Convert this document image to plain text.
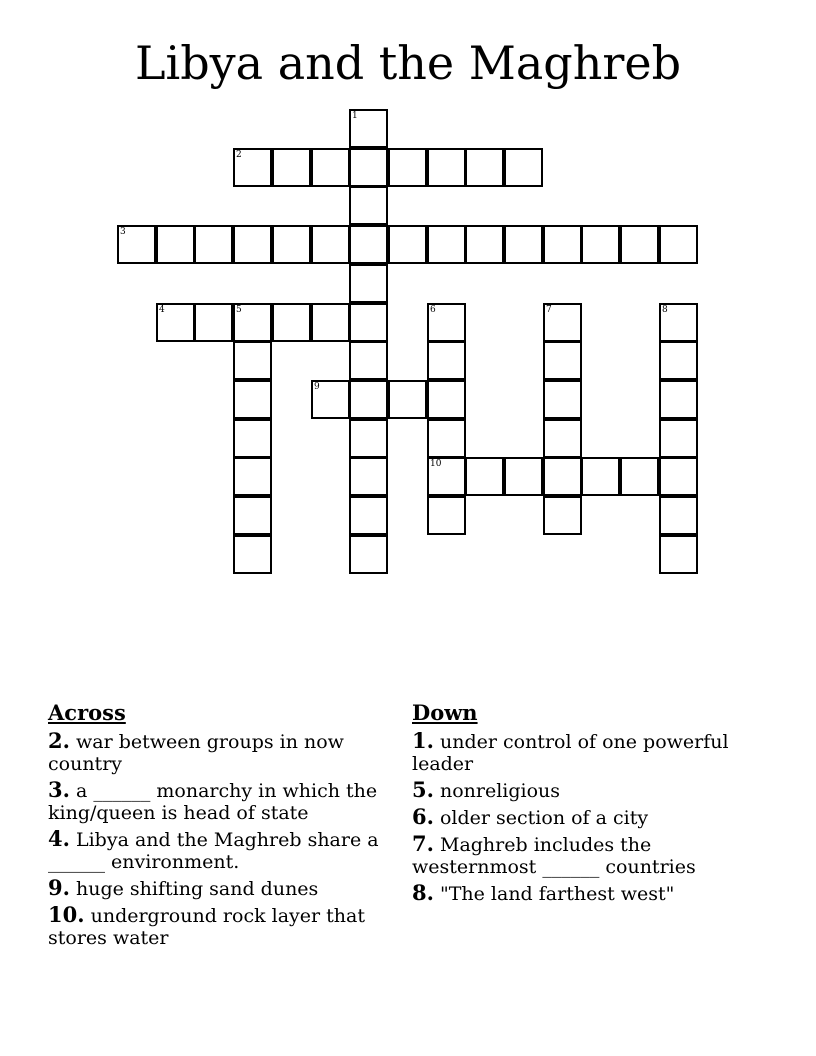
Libya and the Maghreb
1
2
3
4	5	6	7	8
9
10
Across
2. war between groups in now country
3. a ______ monarchy in which the king/queen is head of state
4. Libya and the Maghreb share a ______ environment.
9. huge shifting sand dunes
10. underground rock layer that stores water
Down
1. under control of one powerful leader
5. nonreligious
6. older section of a city
7. Maghreb includes the westernmost ______ countries
8. "The land farthest west"
